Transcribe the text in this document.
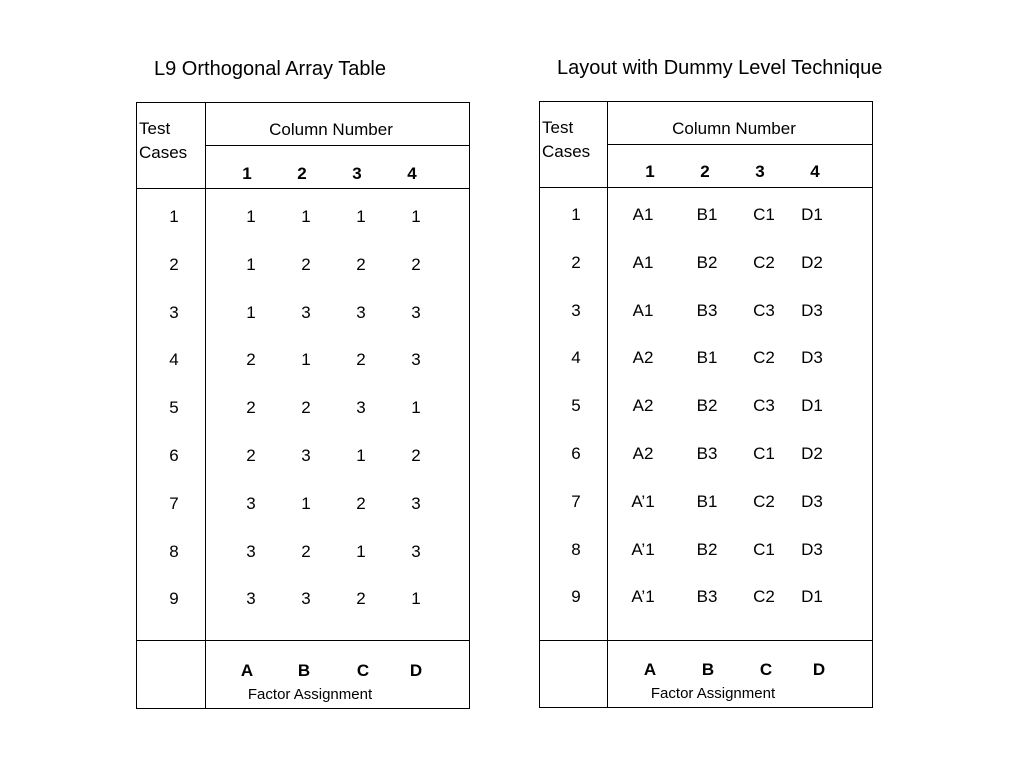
L9 Orthogonal Array Table	Layout with Dummy Level Technique
Test
Cases
Column Number
1	2	3	4
1	1	1	1	1
2	1	2	2	2
3	1	3	3	3
4	2	1	2	3
5	2	2	3	1
6	2	3	1	2
7	3	1	2	3
8	3	2	1	3
9	3	3	2	1
A	B	C D
Factor Assignment
Test
Cases
Column Number
1	2	3	4
1	A1	B1 C1 D1
2	A1	B2 C2 D2
3	A1	B3 C3 D3
4	A2	B1 C2 D3
5	A2	B2 C3 D1
6	A2	B3 C1 D2
7	A’1 B1 C2 D3
8	A’1 B2 C1 D3
9	A’1 B3 C2 D1
A	B	C D
Factor Assignment
